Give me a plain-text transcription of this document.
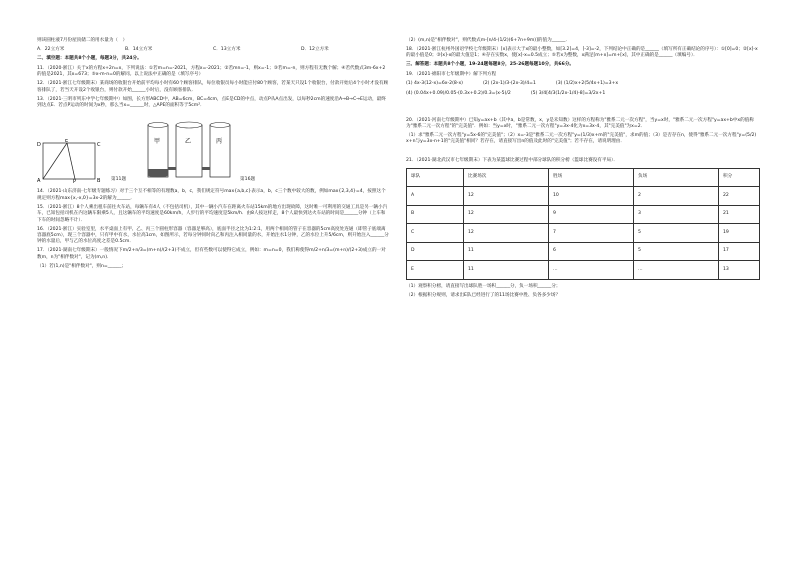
则该圆柱液7月份屋顶储二的用水量为（　）

A．22立方米	B．14立方米	C．13立方米	D．12立方米

二、填空题：本题共8个小题，每题3分，共24分。

11．（2020·浙江）关于x的方程x+2n=x，下列说法：①若m=n=-2021，方程x=-2021；②若mn=-1，则x=-1；③若m=-n，则方程有无数个解；④若代数式3m-6x+2的值是2021，其x=673；⑤x-m-n=0的解同。以上说法中正确的是（填写序号）

12．（2021·浙江七年级期末）某商场的收银台开始前平均每小时有60个顾客排队，每位收银员每小时能应付80个顾客，若某天只设1个收银台，付款开始后4个小时才没有顾客排队了，若当天开设2个收银台，则付款开始______小时后，没有顾客排队．

13．（2021·三明市列东中学七年级期中）如图，长方形ABCD中，AB=6cm，BC=4cm，点E是CD的中点，动点P从A点出发，以每秒2cm的速度沿A→B→C→E运动，最终到达点E．若点P运动的时间为x秒，那么当x=______时，△APE的面积等于5cm²．

D
E
C
A	P	B 第11题
甲	乙	丙
第16题

14．（2021·山东济南·七年级专题练习）对于三个互不相等的有理数a，b，c，我们规定符号max{a,b,c}表示a，b，c三个数中较大的数，例如max{2,3,4}=4，按照这个规定则方程max{x,-x,0}=3x-2的解为______．

15．（2021·浙江）8个人乘出租车前往火车站，每辆车有4人（不包括司机），其中一辆小汽车在距离火车站15km的地方出现故障，这时唯一可利用的交通工具是另一辆小汽车，已知包括司机在内这辆车限乘5人，且这辆车的平均速度是60km/h，人步行的平均速度是5km/h．由8人按这样走，8个人最快到达火车站的时间是______分钟（上车和下车的时间忽略不计）．

16．（2021·浙江）实验室里，水平桌面上有甲、乙、丙三个圆柱形容器（容器足够高），底面半径之比为1:2:1，用两个相同的管子在容器的5cm高度处连通（即管子底端离容器底5cm），现三个容器中，只有甲中有水，水位高1cm，如图所示，若每分钟同时向乙和丙注入相同量的水，开始注水1分钟，乙的水位上升5/6cm，则开始注入______分钟的水量后，甲与乙的水位高度之差是0.5cm．

17．（2021·湖南七年级期末）一般情况下m/2+n/3=(m+n)/(2+3)不成立，但有些数可以使得它成立，例如：m=n=0，我们称使得m/2+n/3=(m+n)/(2+3)成立的一对数m，n为"相伴数对"，记为(m,n)．

（1）若(1,n)是"相伴数对"，则n=______；

（2）(m,n)是"相伴数对"，则代数式m-[n/4-(1/2)(6+7n+9m)]的值为______．

18．（2021·浙江杭州外国语学校七年级期末）[x]表示大于x的最小整数，如[3.2]=4，[-3]=-2，下列结论中正确的是______（填写所有正确结论的序号）：①[0]=0；②[x]-x的最小值是0；③[x]-x的最大值是1；④存在实数x，使[x]-x=0.5成立；⑤若x为整数，x满足[m+x]=m+[x]，其中正确的是______（填编号）．

三、解答题：本题共8个小题，19-24题每题8分，25-26题每题10分，共66分。

19．（2021·绵阳市七年级期中）解下列方程

(1) 4x-3(12-x)=6x-2(8-x)	(2) (2x-1)/3-(2x-3)/4=1	(3) (1/2)x+2(5/4x+1)=3+x
(4) (0.04x+0.09)/0.05-(0.3x+0.2)/0.3=(x-5)/2	(5) 3/4[4/3(1/2x-1/4)-8]=3/2x+1

20．（2021·河南七年级期中）已知y=ax+b（其中a，b是常数，x，y是未知数）这样的方程称为"雅系二元一次方程"，当y=x时，"雅系二元一次方程"y=ax+b中x的值称为"雅系二元一次方程"的"完美值"．例如：当y=x时，"雅系二元一次方程"y=3x-4化为x=3x-4，其"完美值"为x=2．

（1）求"雅系二元一次方程"y=5x-6的"完美值"；（2）x=-3是"雅系二元一次方程"y=(1/3)x+m的"完美值"，求m的值；（3）是否存在n，使得"雅系二元一次方程"y=(5/2)x+n与y=3x-n+1的"完美值"相同？若存在，请直接写出n的值及此时的"完美值"；若不存在，请说明理由．

21．（2021·湖北武汉市七年级期末）下表为某篮球比赛过程中部分球队的积分榜（篮球比赛没有平局）．

球队	比赛场次	胜场	负场	积分
A	12	10	2	22
B	12	9	3	21
C	12	7	5	19
D	11	6	5	17
E	11	…	…	13

（1）观察积分榜，请直接写出球队胜一场积______分，负一场积______分；

（2）根据积分规则，请求出E队已经进行了的11场比赛中胜、负各多少场？
